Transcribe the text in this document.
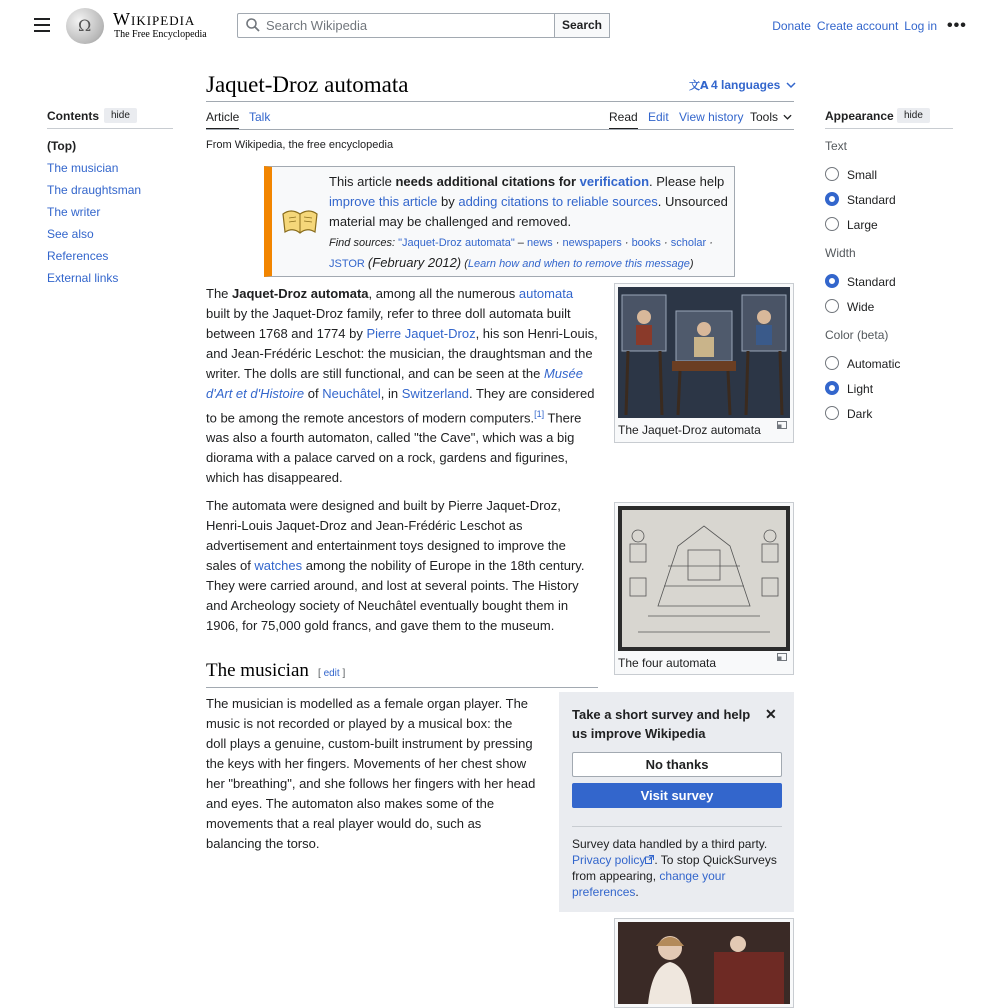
Ω Wikipedia
The Free Encyclopedia
Search Wikipedia
Search	Donate Create account Log in •••
Jaquet-Droz automata	文A 4 languages
Article Talk	Read Edit View history Tools
From Wikipedia, the free encyclopedia
Contents	hide
(Top)
The musician
The draughtsman
The writer
See also
References
External links
Appearance	hide
Text
Small
Standard
Large
Width
Standard
Wide
Color (beta)
Automatic
Light
Dark
This article needs additional citations for verification. Please help improve this article by adding citations to reliable sources. Unsourced material may be challenged and removed.
Find sources: "Jaquet-Droz automata" – news · newspapers · books · scholar · JSTOR (February 2012) (Learn how and when to remove this message)
The Jaquet-Droz automata, among all the numerous automata built by the Jaquet-Droz family, refer to three doll automata built between 1768 and 1774 by Pierre Jaquet-Droz, his son Henri-Louis, and Jean-Frédéric Leschot: the musician, the draughtsman and the writer. The dolls are still functional, and can be seen at the Musée d'Art et d'Histoire of Neuchâtel, in Switzerland. They are considered to be among the remote ancestors of modern computers.[1] There was also a fourth automaton, called "the Cave", which was a big diorama with a palace carved on a rock, gardens and figurines, which has disappeared.
The automata were designed and built by Pierre Jaquet-Droz, Henri-Louis Jaquet-Droz and Jean-Frédéric Leschot as advertisement and entertainment toys designed to improve the sales of watches among the nobility of Europe in the 18th century. They were carried around, and lost at several points. The History and Archeology society of Neuchâtel eventually bought them in 1906, for 75,000 gold francs, and gave them to the museum.
The Jaquet-Droz automata
The four automata
The musician [ edit ]
The musician is modelled as a female organ player. The music is not recorded or played by a musical box: the doll plays a genuine, custom-built instrument by pressing the keys with her fingers. Movements of her chest show her "breathing", and she follows her fingers with her head and eyes. The automaton also makes some of the movements that a real player would do, such as balancing the torso.
Take a short survey and help us improve Wikipedia
✕
No thanks
Visit survey
Survey data handled by a third party. Privacy policy . To stop QuickSurveys from appearing, change your preferences.
